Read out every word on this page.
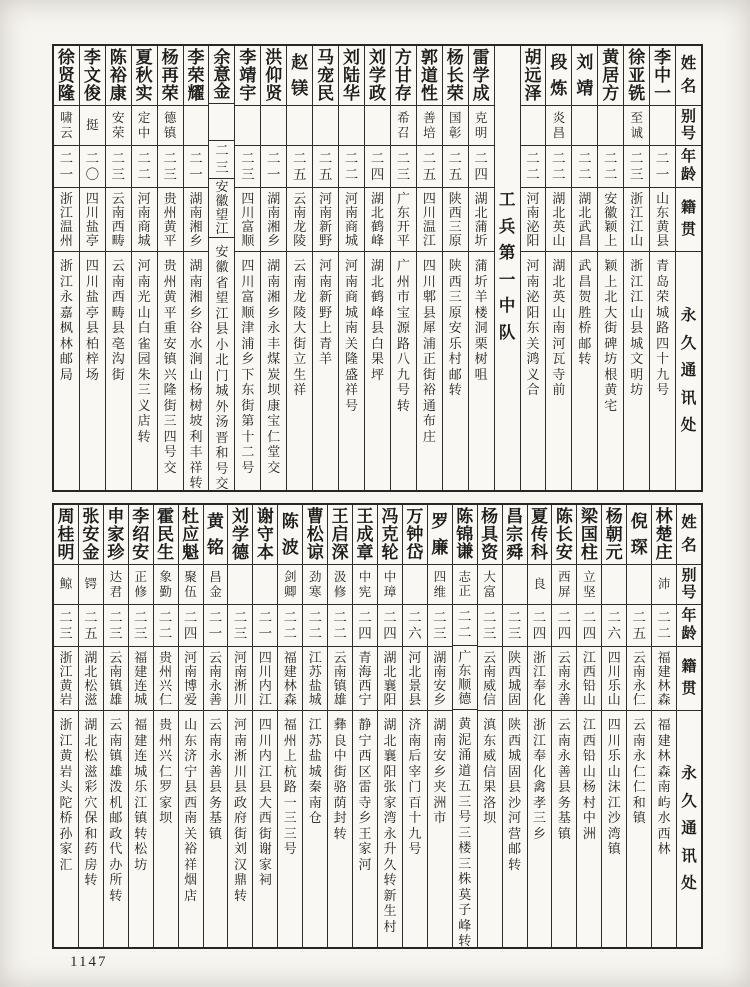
姓
名
别
号
年
龄
籍
贯
永
久
通
讯
处
李
中
一
二
一
山
东
黄
县
青
岛
荣
城
路
四
十
九
号
徐
亚
铣
至
诚
二
三
浙
江
江
山
浙
江
江
山
县
城
文
明
坊
黄
居
方
二
二
安
徽
颖
上
颖
上
北
大
街
碑
坊
根
黄
宅
刘
靖
二
二
湖
北
武
昌
武
昌
贺
胜
桥
邮
转
段
炼
炎
昌
二
二
湖
北
英
山
湖
北
英
山
南
河
瓦
寺
前
胡
远
泽
二
二
河
南
泌
阳
河
南
泌
阳
东
关
鸿
义
合
工
兵
第
一
中
队
雷
学
成
克
明
二
四
湖
北
蒲
圻
蒲
圻
羊
楼
洞
栗
树
咀
杨
长
荣
国
彰
二
五
陕
西
三
原
陕
西
三
原
安
乐
村
邮
转
郭
道
性
善
培
二
五
四
川
温
江
四
川
郫
县
犀
浦
正
街
裕
通
布
庄
方
甘
存
希
召
二
三
广
东
开
平
广
州
市
宝
源
路
八
九
号
转
刘
学
政
二
四
湖
北
鹤
峰
湖
北
鹤
峰
县
白
果
坪
刘
陆
华
二
二
河
南
商
城
河
南
商
城
南
关
隆
盛
祥
号
马
宠
民
二
五
河
南
新
野
河
南
新
野
上
青
羊
赵
镁
二
五
云
南
龙
陵
云
南
龙
陵
大
街
立
生
祥
洪
仰
贤
二
一
湖
南
湘
乡
湖
南
湘
乡
永
丰
煤
炭
坝
康
宝
仁
堂
交
李
靖
宇
二
三
四
川
富
顺
四
川
富
顺
津
浦
乡
下
东
街
第
十
二
号
余
意
金
二
三
安
徽
望
江
安
徽
省
望
江
县
小
北
门
城
外
汤
晋
和
号
交
李
荣
耀
二
一
湖
南
湘
乡
湖
南
湘
乡
谷
水
涧
山
杨
树
坡
利
丰
祥
转
杨
再
荣
德
镇
二
三
贵
州
黄
平
贵
州
黄
平
重
安
镇
兴
隆
街
三
四
号
交
夏
秋
实
定
中
二
二
河
南
商
城
河
南
光
山
白
雀
园
朱
三
义
店
转
陈
裕
康
安
荣
二
三
云
南
西
畴
云
南
西
畴
县
亳
沟
街
李
文
俊
挺
二
〇
四
川
盐
亭
四
川
盐
亭
县
柏
梓
场
徐
贤
隆
啸
云
二
一
浙
江
温
州
浙
江
永
嘉
枫
林
邮
局
姓
名
别
号
年
龄
籍
贯
永
久
通
讯
处
林
楚
庄
沛
二
二
福
建
林
森
福
建
林
森
南
屿
水
西
林
倪
琛
二
五
云
南
永
仁
云
南
永
仁
仁
和
镇
杨
朝
元
二
六
四
川
乐
山
四
川
乐
山
沫
江
沙
湾
镇
梁
国
柱
立
坚
二
四
江
西
铅
山
江
西
铅
山
杨
村
中
洲
陈
长
安
西
屏
二
四
云
南
永
善
云
南
永
善
县
务
基
镇
夏
传
科
良
二
四
浙
江
奉
化
浙
江
奉
化
禽
孝
三
乡
昌
宗
舜
二
三
陕
西
城
固
陕
西
城
固
县
沙
河
营
邮
转
杨
具
资
大
富
二
三
云
南
威
信
滇
东
威
信
果
洛
坝
陈
锦
谦
志
正
二
二
广
东
顺
德
黄
泥
涌
道
五
三
号
三
楼
三
株
莫
子
峰
转
罗
廉
四
维
二
三
湖
南
安
乡
湖
南
安
乡
夹
洲
市
万
钟
岱
二
六
河
北
景
县
济
南
后
宰
门
百
十
九
号
冯
克
轮
中
璋
二
四
湖
北
襄
阳
湖
北
襄
阳
张
家
湾
永
升
久
转
新
生
村
王
成
章
中
宪
二
四
青
海
西
宁
静
宁
西
区
雷
寺
乡
王
家
河
王
启
深
汲
修
二
二
云
南
镇
雄
彝
良
中
街
骆
荫
封
转
曹
松
谅
劲
寒
二
二
江
苏
盐
城
江
苏
盐
城
秦
南
仓
陈
波
剑
卿
二
二
福
建
林
森
福
州
上
杭
路
一
三
三
号
谢
守
本
二
一
四
川
内
江
四
川
内
江
县
大
西
街
谢
家
祠
刘
学
德
二
三
河
南
淅
川
河
南
淅
川
县
政
府
街
刘
汉
鼎
转
黄
铭
昌
金
二
一
云
南
永
善
云
南
永
善
县
务
基
镇
杜
应
魁
聚
伍
二
四
河
南
博
爱
山
东
济
宁
县
西
南
关
裕
祥
烟
店
霍
民
生
象
勤
二
二
贵
州
兴
仁
贵
州
兴
仁
罗
家
坝
李
绍
安
正
修
二
三
福
建
连
城
福
建
连
城
乐
江
镇
转
松
坊
申
家
珍
达
君
二
三
云
南
镇
雄
云
南
镇
雄
泼
机
邮
政
代
办
所
转
张
安
金
锷
二
五
湖
北
松
滋
湖
北
松
滋
彩
穴
保
和
药
房
转
周
桂
明
鲸
二
三
浙
江
黄
岩
浙
江
黄
岩
头
陀
桥
孙
家
汇
1147
